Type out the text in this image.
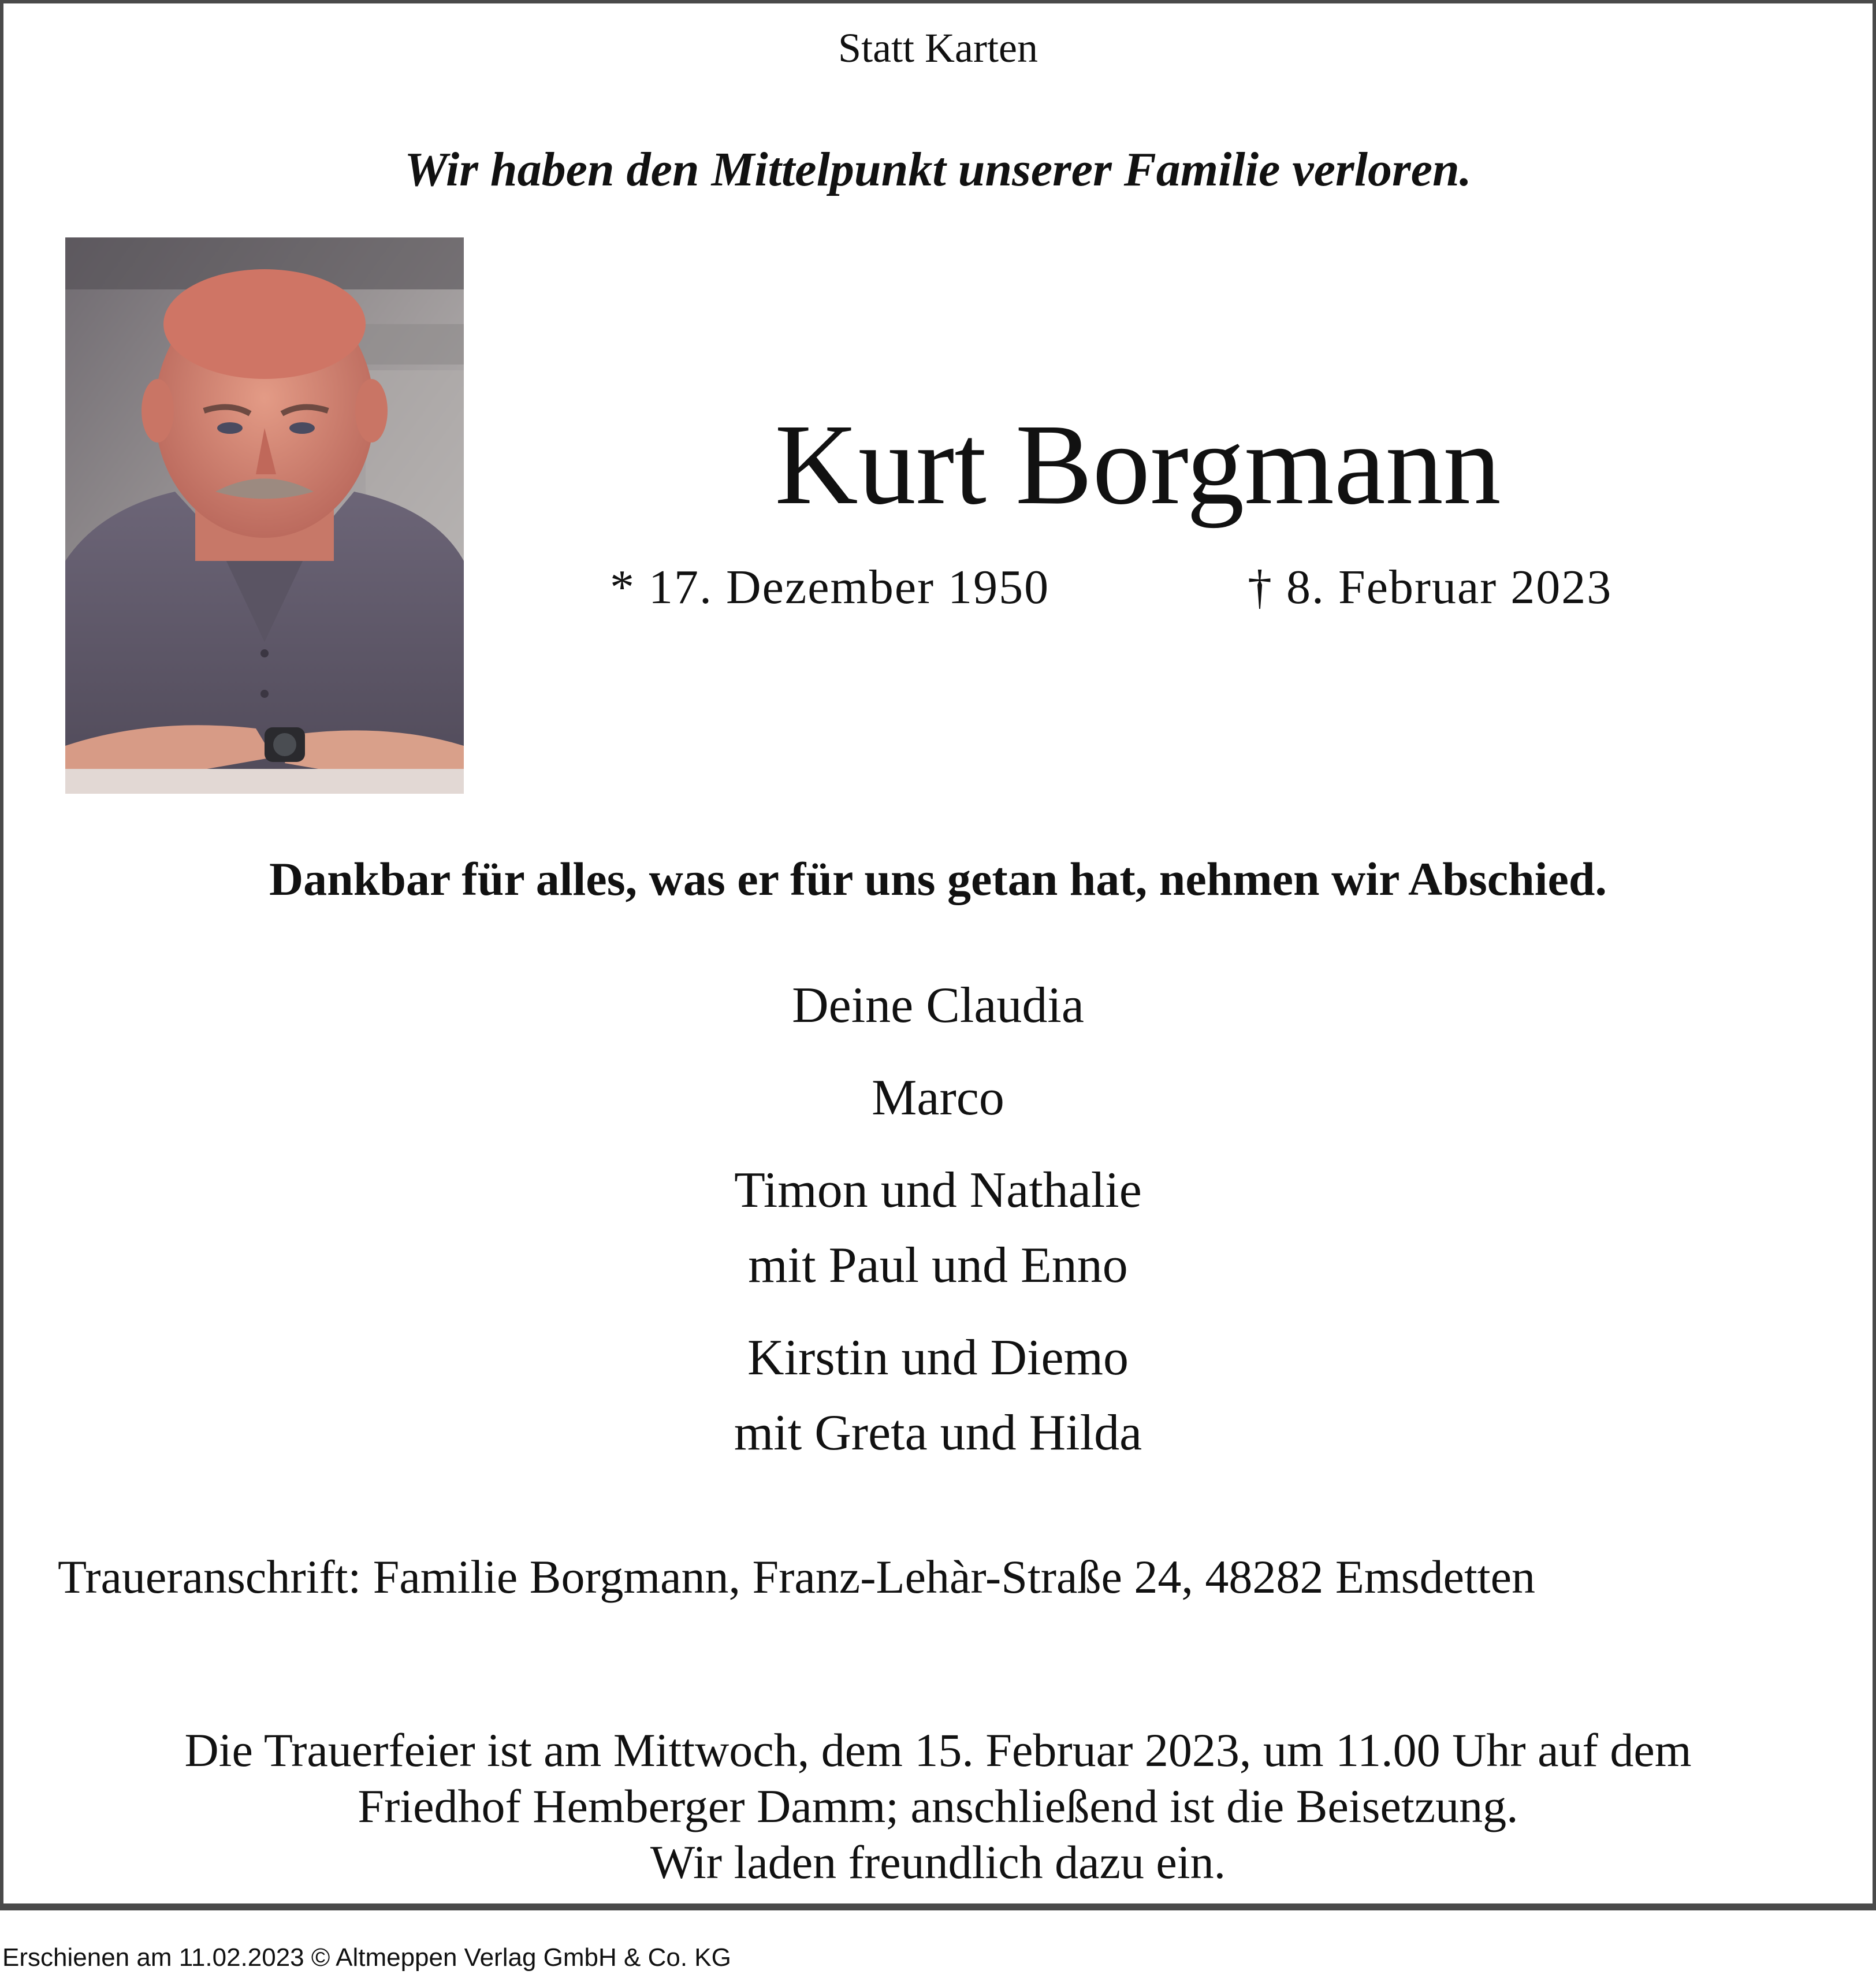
Statt Karten
Wir haben den Mittelpunkt unserer Familie verloren.
Kurt Borgmann
* 17. Dezember 1950	† 8. Februar 2023
Dankbar für alles, was er für uns getan hat, nehmen wir Abschied.
Deine Claudia
Marco
Timon und Nathalie
mit Paul und Enno
Kirstin und Diemo
mit Greta und Hilda
Traueranschrift: Familie Borgmann, Franz-Lehàr-Straße 24, 48282 Emsdetten
Die Trauerfeier ist am Mittwoch, dem 15. Februar 2023, um 11.00 Uhr auf dem
Friedhof Hemberger Damm; anschließend ist die Beisetzung.
Wir laden freundlich dazu ein.
Erschienen am 11.02.2023 © Altmeppen Verlag GmbH & Co. KG
